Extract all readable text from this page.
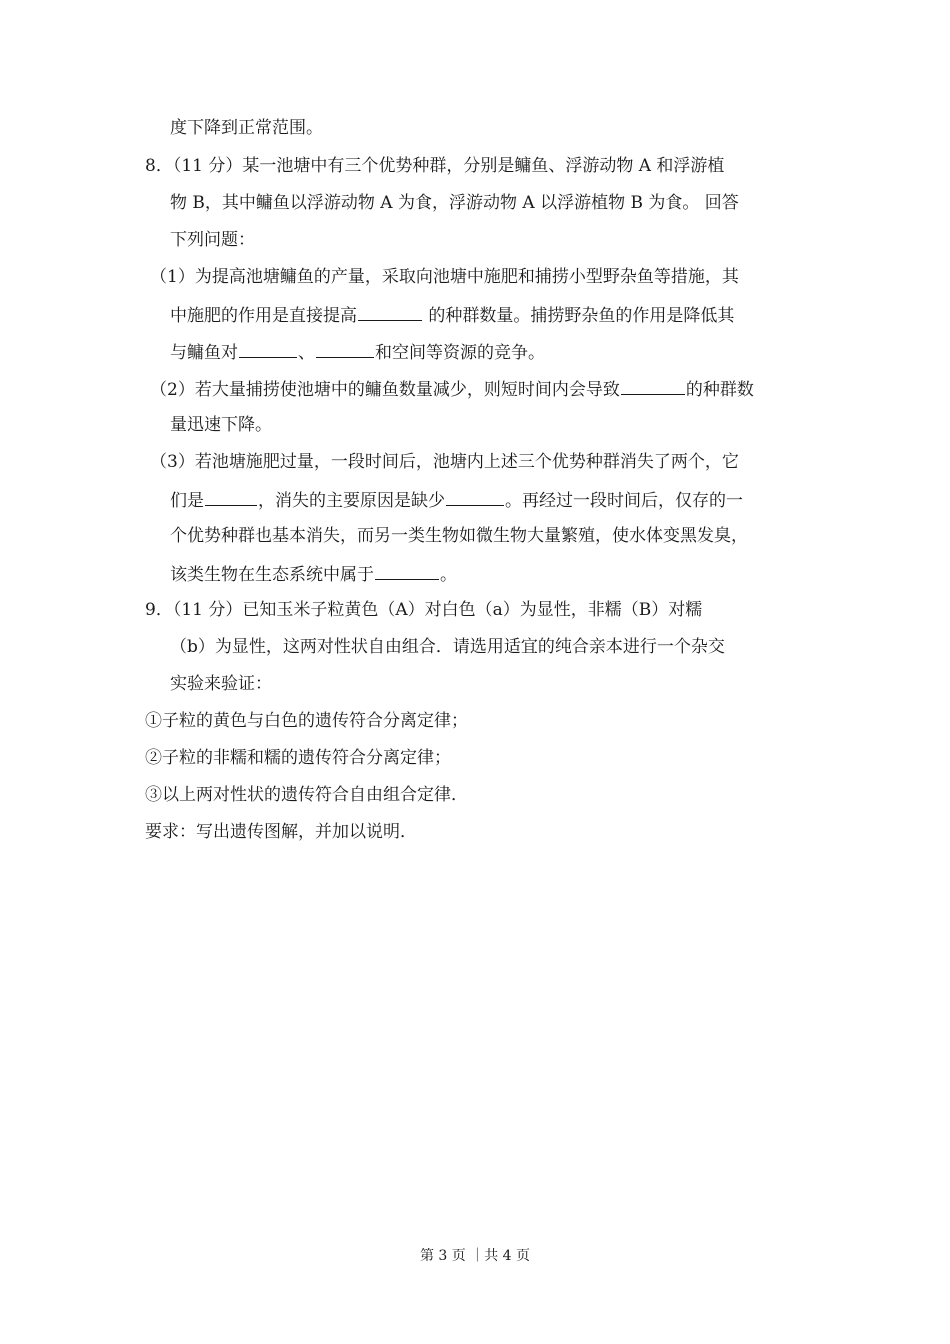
度下降到正常范围。
8．（11 分）某一池塘中有三个优势种群，分别是鳙鱼、浮游动物 A 和浮游植
物 B，其中鳙鱼以浮游动物 A 为食，浮游动物 A 以浮游植物 B 为食。 回答
下列问题：
（1）为提高池塘鳙鱼的产量，采取向池塘中施肥和捕捞小型野杂鱼等措施，其
中施肥的作用是直接提高	的种群数量。捕捞野杂鱼的作用是降低其
与鳙鱼对	、	和空间等资源的竞争。
（2）若大量捕捞使池塘中的鳙鱼数量减少，则短时间内会导致	的种群数
量迅速下降。
（3）若池塘施肥过量，一段时间后，池塘内上述三个优势种群消失了两个，它
们是	，消失的主要原因是缺少	。再经过一段时间后，仅存的一
个优势种群也基本消失，而另一类生物如微生物大量繁殖，使水体变黑发臭，
该类生物在生态系统中属于	。
9．（11 分）已知玉米子粒黄色（A）对白色（a）为显性，非糯（B）对糯
（b）为显性，这两对性状自由组合．请选用适宜的纯合亲本进行一个杂交
实验来验证：
①子粒的黄色与白色的遗传符合分离定律；
②子粒的非糯和糯的遗传符合分离定律；
③以上两对性状的遗传符合自由组合定律．
要求：写出遗传图解，并加以说明．
第 3 页 ｜共 4 页
